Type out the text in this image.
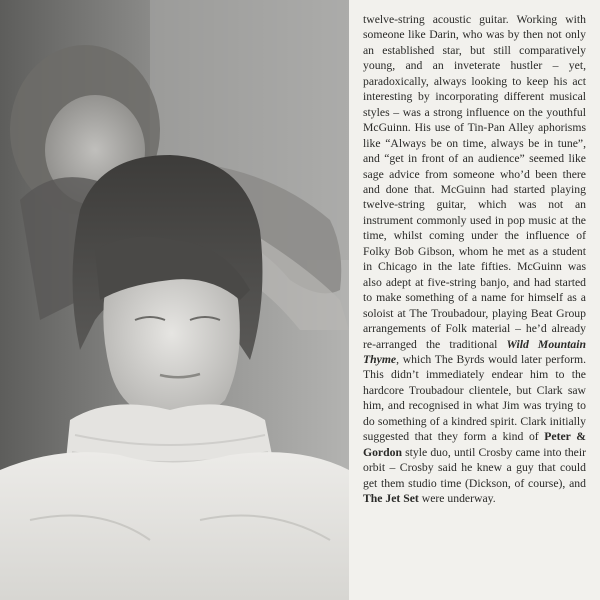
twelve-string acoustic guitar. Working with someone like Darin, who was by then not only an established star, but still comparatively young, and an inveterate hustler – yet, paradoxically, always looking to keep his act interesting by incorporating different musical styles – was a strong influence on the youthful McGuinn. His use of Tin-Pan Alley aphorisms like “Always be on time, always be in tune”, and “get in front of an audience” seemed like sage advice from someone who’d been there and done that. McGuinn had started playing twelve-string guitar, which was not an instrument commonly used in pop music at the time, whilst coming under the influence of Folky Bob Gibson, whom he met as a student in Chicago in the late fifties. McGuinn was also adept at five-string banjo, and had started to make something of a name for himself as a soloist at The Troubadour, playing Beat Group arrangements of Folk material – he’d already re-arranged the traditional Wild Mountain Thyme, which The Byrds would later perform. This didn’t immediately endear him to the hardcore Troubadour clientele, but Clark saw him, and recognised in what Jim was trying to do something of a kindred spirit. Clark initially suggested that they form a kind of Peter & Gordon style duo, until Crosby came into their orbit – Crosby said he knew a guy that could get them studio time (Dickson, of course), and The Jet Set were underway.
